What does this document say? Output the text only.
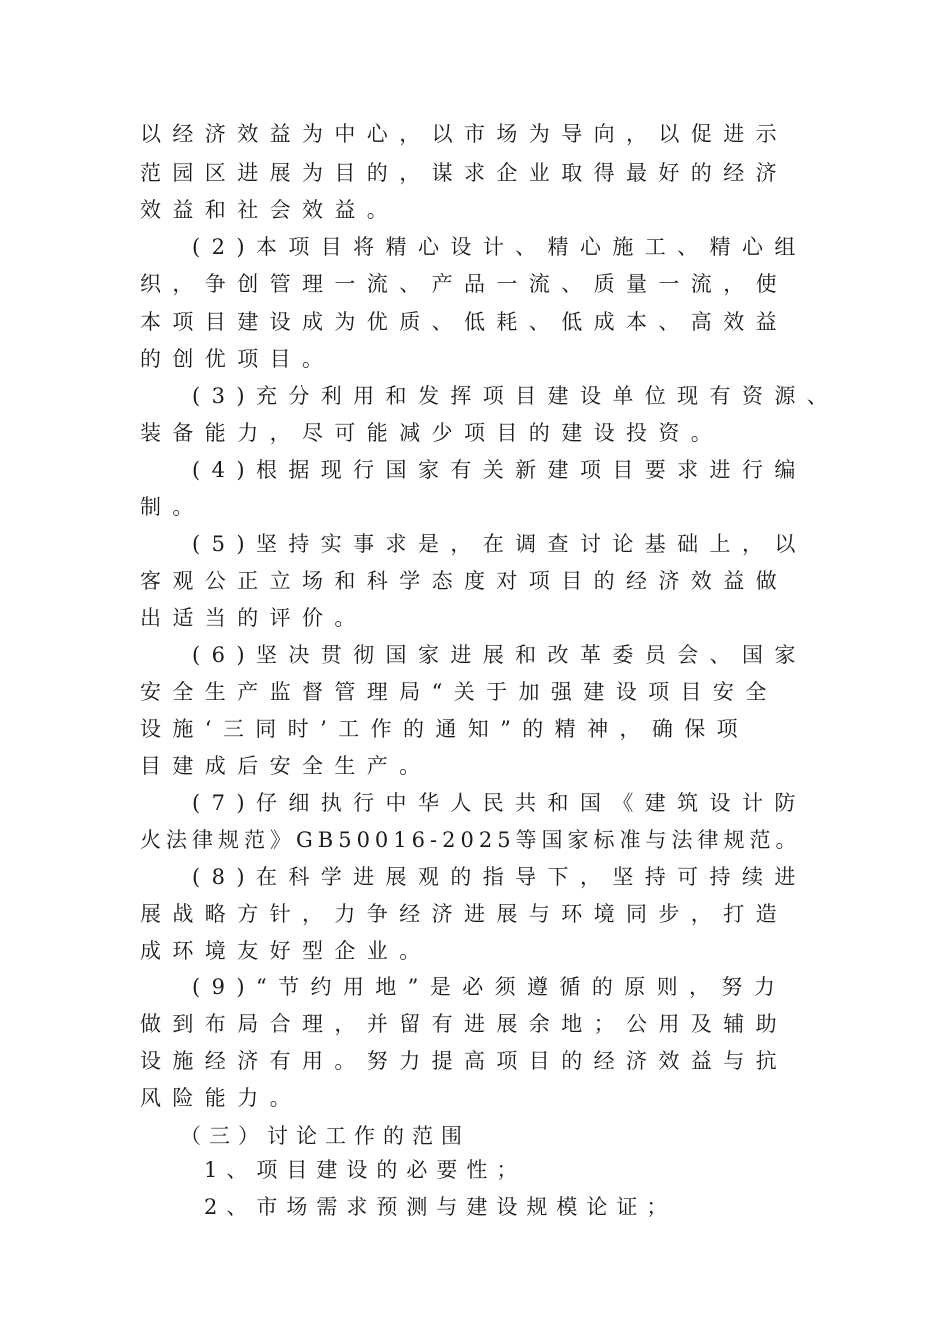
以经济效益为中心，以市场为导向，以促进示
范园区进展为目的，谋求企业取得最好的经济
效益和社会效益。
(2)本项目将精心设计、精心施工、精心组
织，争创管理一流、产品一流、质量一流，使
本项目建设成为优质、低耗、低成本、高效益
的创优项目。
(3)充分利用和发挥项目建设单位现有资源、
装备能力，尽可能减少项目的建设投资。
(4)根据现行国家有关新建项目要求进行编
制。
(5)坚持实事求是，在调查讨论基础上，以
客观公正立场和科学态度对项目的经济效益做
出适当的评价。
(6)坚决贯彻国家进展和改革委员会、国家
安全生产监督管理局“关于加强建设项目安全
设施‘三同时’工作的通知”的精神，确保项
目建成后安全生产。
(7)仔细执行中华人民共和国《建筑设计防
火法律规范》GB50016-2025等国家标准与法律规范。
(8)在科学进展观的指导下，坚持可持续进
展战略方针，力争经济进展与环境同步，打造
成环境友好型企业。
(9)“节约用地”是必须遵循的原则，努力
做到布局合理，并留有进展余地；公用及辅助
设施经济有用。努力提高项目的经济效益与抗
风险能力。
（三）讨论工作的范围
1、项目建设的必要性；
2、市场需求预测与建设规模论证；
